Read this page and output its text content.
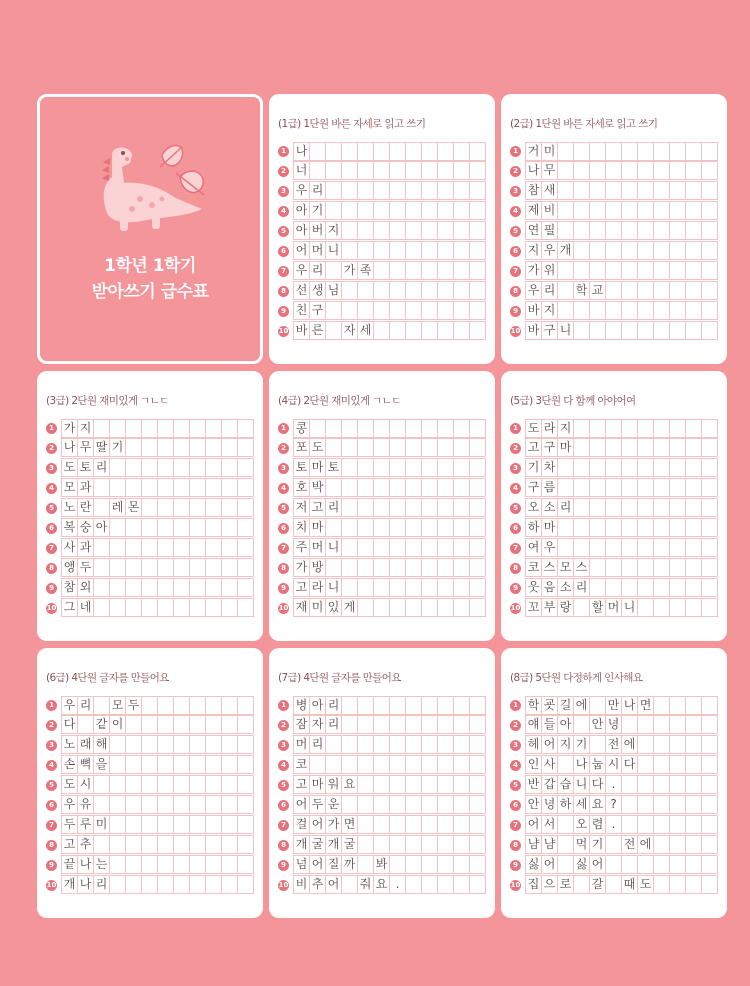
1학년 1학기
받아쓰기 급수표
(1급) 1단원 바른 자세로 읽고 쓰기
1 나
2 너
3 우 리
4 아 기
5 아 버 지
6 어 머 니
7 우 리 가 족
8 선 생 님
9 친 구
10 바 른 자 세
(2급) 1단원 바른 자세로 읽고 쓰기
1 거 미
2 나 무
3 참 새
4 제 비
5 연 필
6 지 우 개
7 가 위
8 우 리 학 교
9 바 지
10 바 구 니
(3급) 2단원 재미있게 ㄱㄴㄷ
1 가 지
2 나 무 딸 기
3 도 토 리
4 모 과
5 노 란 레 몬
6 복 숭 아
7 사 과
8 앵 두
9 참 외
10 그 네
(4급) 2단원 재미있게 ㄱㄴㄷ
1 콩
2 포 도
3 토 마 토
4 호 박
5 저 고 리
6 치 마
7 주 머 니
8 가 방
9 고 라 니
10 재 미 있 게
(5급) 3단원 다 함께 아야어여
1 도 라 지
2 고 구 마
3 기 차
4 구 름
5 오 소 리
6 하 마
7 여 우
8 코 스 모 스
9 웃 음 소 리
10 꼬 부 랑 할 머 니
(6급) 4단원 글자를 만들어요
1 우 리 모 두
2 다 같 이
3 노 래 해
4 손 뼉 을
5 도 시
6 우 유
7 두 루 미
8 고 추
9 끝 나 는
10 개 나 리
(7급) 4단원 글자를 만들어요
1 병 아 리
2 잠 자 리
3 머 리
4 코
5 고 마 워 요
6 어 두 운
7 걸 어 가 면
8 개 굴 개 굴
9 넘 어 질 까 봐
10 비 추 어 줘 요 .
(8급) 5단원 다정하게 인사해요
1 학 굣 길 에 만 나 면
2 얘 들 아 안 녕
3 헤 어 지 기 전 에
4 인 사 나 눕 시 다
5 반 갑 습 니 다 .
6 안 녕 하 세 요 ?
7 어 서 오 렴 .
8 냠 냠 먹 기 전 에
9 싫 어 싫 어
10 집 으 로 갈 때 도
